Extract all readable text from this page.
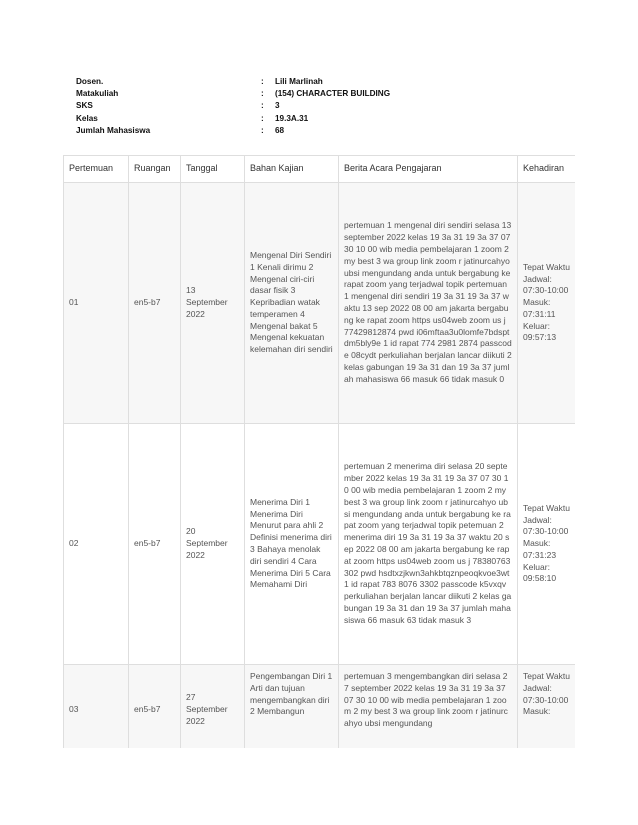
Dosen.	: Lili Marlinah
Matakuliah	: (154) CHARACTER BUILDING
SKS	: 3
Kelas	: 19.3A.31
Jumlah Mahasiswa	: 68
Pertemuan	Ruangan	Tanggal	Bahan Kajian	Berita Acara Pengajaran	Kehadiran
01	en5-b7	13 September 2022	Mengenal Diri Sendiri 1 Kenali dirimu 2 Mengenal ciri-ciri dasar fisik 3 Kepribadian watak temperamen 4 Mengenal bakat 5 Mengenal kekuatan kelemahan diri sendiri	pertemuan 1 mengenal diri sendiri selasa 13 september 2022 kelas 19 3a 31 19 3a 37 07 30 10 00 wib media pembelajaran 1 zoom 2 my best 3 wa group link zoom r jatinurcahyo ubsi mengundang anda untuk bergabung ke rapat zoom yang terjadwal topik pertemuan 1 mengenal diri sendiri 19 3a 31 19 3a 37 waktu 13 sep 2022 08 00 am jakarta bergabung ke rapat zoom https us04web zoom us j 77429812874 pwd i06mftaa3u0lomfe7bdsptdm5bly9e 1 id rapat 774 2981 2874 passcode 08cydt perkuliahan berjalan lancar diikuti 2 kelas gabungan 19 3a 31 dan 19 3a 37 jumlah mahasiswa 66 masuk 66 tidak masuk 0	Tepat Waktu Jadwal: 07:30-10:00 Masuk: 07:31:11 Keluar: 09:57:13
02	en5-b7	20 September 2022	Menerima Diri 1 Menerima Diri Menurut para ahli 2 Definisi menerima diri 3 Bahaya menolak diri sendiri 4 Cara Menerima Diri 5 Cara Memahami Diri	pertemuan 2 menerima diri selasa 20 september 2022 kelas 19 3a 31 19 3a 37 07 30 10 00 wib media pembelajaran 1 zoom 2 my best 3 wa group link zoom r jatinurcahyo ubsi mengundang anda untuk bergabung ke rapat zoom yang terjadwal topik petemuan 2 menerima diri 19 3a 31 19 3a 37 waktu 20 sep 2022 08 00 am jakarta bergabung ke rapat zoom https us04web zoom us j 78380763302 pwd hsdtxzjkwn3ahkbtqznpeoqkvoe3wt 1 id rapat 783 8076 3302 passcode k5vxqv perkuliahan berjalan lancar diikuti 2 kelas gabungan 19 3a 31 dan 19 3a 37 jumlah mahasiswa 66 masuk 63 tidak masuk 3	Tepat Waktu Jadwal: 07:30-10:00 Masuk: 07:31:23 Keluar: 09:58:10
03	en5-b7	27 September 2022	Pengembangan Diri 1 Arti dan tujuan mengembangkan diri 2 Membangun	pertemuan 3 mengembangkan diri selasa 27 september 2022 kelas 19 3a 31 19 3a 37 07 30 10 00 wib media pembelajaran 1 zoom 2 my best 3 wa group link zoom r jatinurcahyo ubsi mengundang	Tepat Waktu Jadwal: 07:30-10:00 Masuk:
